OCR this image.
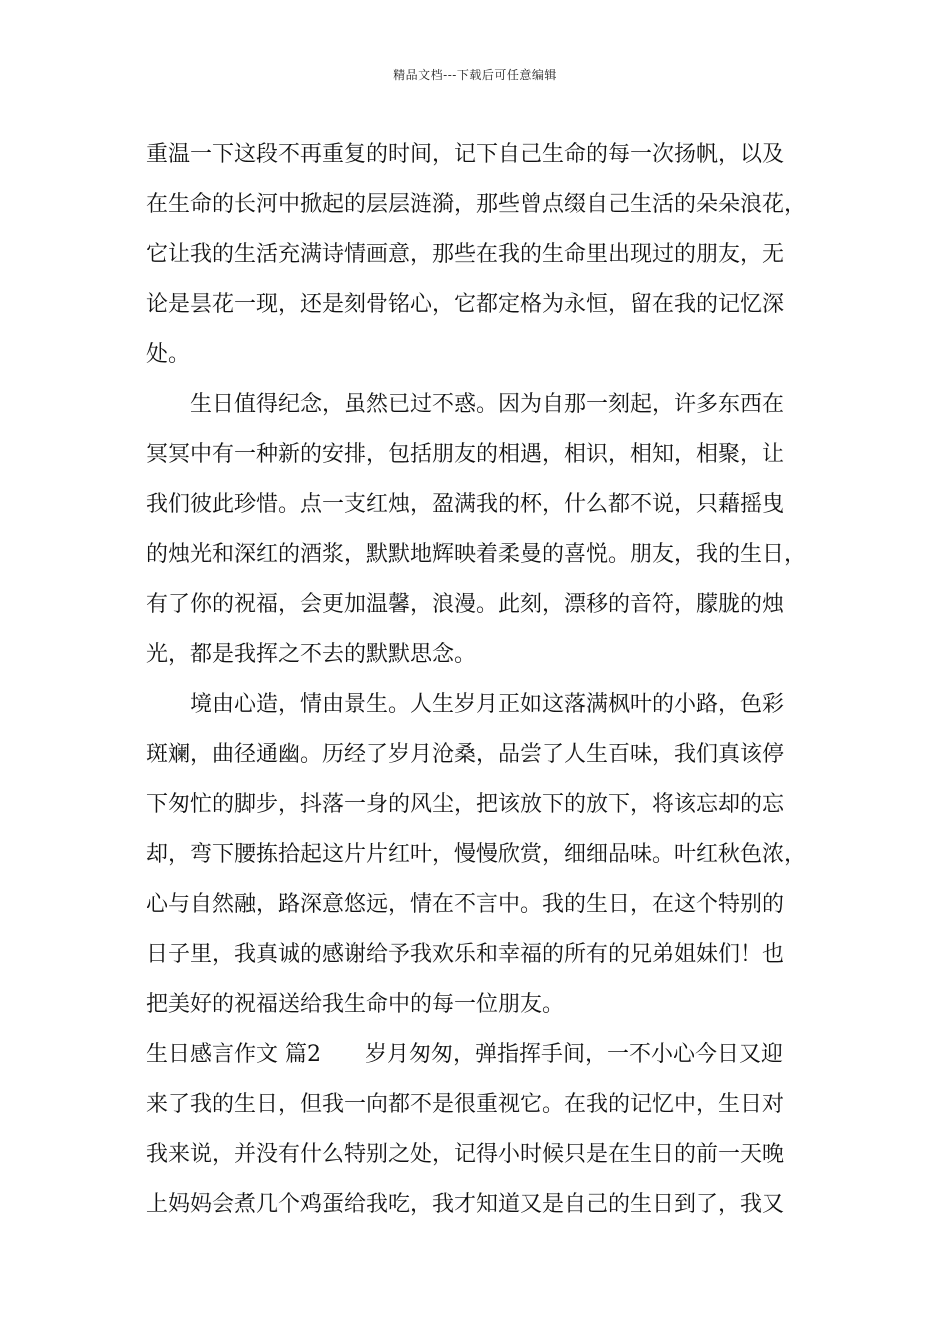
精品文档---下载后可任意编辑
重温一下这段不再重复的时间，记下自己生命的每一次扬帆，以及
在生命的长河中掀起的层层涟漪，那些曾点缀自己生活的朵朵浪花，
它让我的生活充满诗情画意，那些在我的生命里出现过的朋友，无
论是昙花一现，还是刻骨铭心，它都定格为永恒，留在我的记忆深
处。
生日值得纪念，虽然已过不惑。因为自那一刻起，许多东西在
冥冥中有一种新的安排，包括朋友的相遇，相识，相知，相聚，让
我们彼此珍惜。点一支红烛，盈满我的杯，什么都不说，只藉摇曳
的烛光和深红的酒浆，默默地辉映着柔曼的喜悦。朋友，我的生日，
有了你的祝福，会更加温馨，浪漫。此刻，漂移的音符，朦胧的烛
光，都是我挥之不去的默默思念。
境由心造，情由景生。人生岁月正如这落满枫叶的小路，色彩
斑斓，曲径通幽。历经了岁月沧桑，品尝了人生百味，我们真该停
下匆忙的脚步，抖落一身的风尘，把该放下的放下，将该忘却的忘
却，弯下腰拣拾起这片片红叶，慢慢欣赏，细细品味。叶红秋色浓，
心与自然融，路深意悠远，情在不言中。我的生日，在这个特别的
日子里，我真诚的感谢给予我欢乐和幸福的所有的兄弟姐妹们！也
把美好的祝福送给我生命中的每一位朋友。
生日感言作文 篇2 岁月匆匆，弹指挥手间，一不小心今日又迎
来了我的生日，但我一向都不是很重视它。在我的记忆中，生日对
我来说，并没有什么特别之处，记得小时候只是在生日的前一天晚
上妈妈会煮几个鸡蛋给我吃，我才知道又是自己的生日到了，我又
